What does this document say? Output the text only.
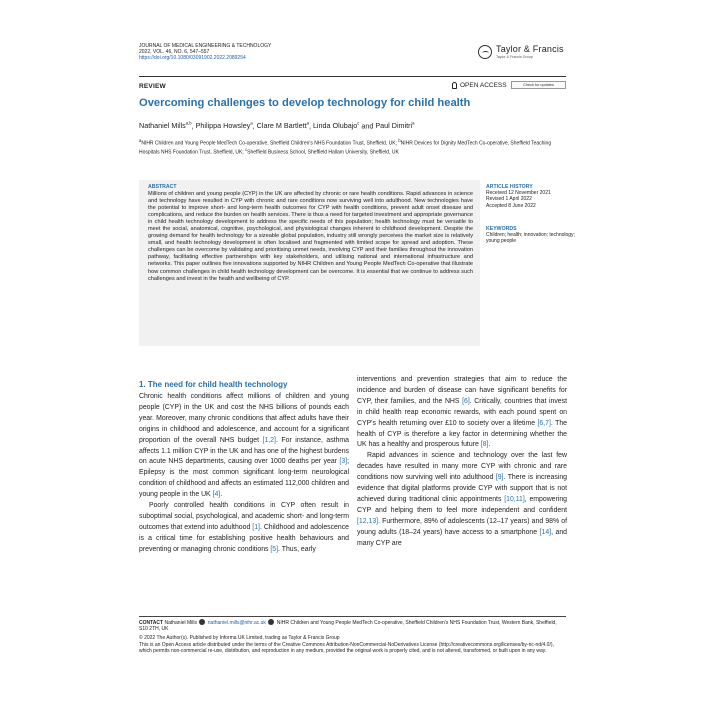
JOURNAL OF MEDICAL ENGINEERING & TECHNOLOGY
2022, VOL. 46, NO. 6, 547–557
https://doi.org/10.1080/03091902.2022.2089254
Taylor & Francis
Taylor & Francis Group
REVIEW	OPEN ACCESS	Check for updates
Overcoming challenges to develop technology for child health
Nathaniel Mills$^{a,b}$, Philippa Howsley$^a$, Clare M Bartlett$^a$, Linda Olubajo$^c$ and Paul Dimitri$^a$
$^a$NIHR Children and Young People MedTech Co-operative, Sheffield Children's NHS Foundation Trust, Sheffield, UK; $^b$NIHR Devices for Dignity MedTech Co-operative, Sheffield Teaching Hospitals NHS Foundation Trust, Sheffield, UK; $^c$Sheffield Business School, Sheffield Hallam University, Sheffield, UK
ABSTRACT
Millions of children and young people (CYP) in the UK are affected by chronic or rare health conditions. Rapid advances in science and technology have resulted in CYP with chronic and rare conditions now surviving well into adulthood. New technologies have the potential to improve short- and long-term health outcomes for CYP with health conditions, prevent adult onset disease and complications, and reduce the burden on health services. There is thus a need for targeted investment and appropriate governance in child health technology development to address the specific needs of this population; health technology must be versatile to meet the social, anatomical, cognitive, psychological, and physiological changes inherent to childhood development. Despite the growing demand for health technology for a sizeable global population, industry still wrongly perceives the market size is relatively small, and health technology development is often localised and fragmented with limited scope for spread and adoption. These challenges can be overcome by validating and prioritising unmet needs, involving CYP and their families throughout the innovation pathway, facilitating effective partnerships with key stakeholders, and utilising national and international infrastructure and networks. This paper outlines five innovations supported by NIHR Children and Young People MedTech Co-operative that illustrate how common challenges in child health technology development can be overcome. It is essential that we continue to address such challenges and invest in the health and wellbeing of CYP.
ARTICLE HISTORY
Received 12 November 2021
Revised 1 April 2022
Accepted 8 June 2022
KEYWORDS
Children; health; innovation; technology; young people
1. The need for child health technology

Chronic health conditions affect millions of children and young people (CYP) in the UK and cost the NHS billions of pounds each year. Moreover, many chronic conditions that affect adults have their origins in childhood and adolescence, and account for a significant proportion of the overall NHS budget [1,2]. For instance, asthma affects 1.1 million CYP in the UK and has one of the highest burdens on acute NHS departments, causing over 1000 deaths per year [3]; Epilepsy is the most common significant long-term neurological condition of childhood and affects an estimated 112,000 children and young people in the UK [4].

Poorly controlled health conditions in CYP often result in suboptimal social, psychological, and academic short- and long-term outcomes that extend into adulthood [1]. Childhood and adolescence is a critical time for establishing positive health behaviours and preventing or managing chronic conditions [5]. Thus, early

interventions and prevention strategies that aim to reduce the incidence and burden of disease can have significant benefits for CYP, their families, and the NHS [6]. Critically, countries that invest in child health reap economic rewards, with each pound spent on CYP's health returning over £10 to society over a lifetime [6,7]. The health of CYP is therefore a key factor in determining whether the UK has a healthy and prosperous future [8].

Rapid advances in science and technology over the last few decades have resulted in many more CYP with chronic and rare conditions now surviving well into adulthood [9]. There is increasing evidence that digital platforms provide CYP with support that is not achieved during traditional clinic appointments [10,11], empowering CYP and helping them to feel more independent and confident [12,13]. Furthermore, 89% of adolescents (12–17 years) and 98% of young adults (18–24 years) have access to a smartphone [14], and many CYP are

CONTACT Nathaniel Mills nathaniel.mills@nihr.ac.uk NIHR Children and Young People MedTech Co-operative, Sheffield Children's NHS Foundation Trust, Western Bank, Sheffield, S10 2TH, UK
© 2022 The Author(s). Published by Informa UK Limited, trading as Taylor & Francis Group
This is an Open Access article distributed under the terms of the Creative Commons Attribution-NonCommercial-NoDerivatives License (http://creativecommons.org/licenses/by-nc-nd/4.0/), which permits non-commercial re-use, distribution, and reproduction in any medium, provided the original work is properly cited, and is not altered, transformed, or built upon in any way.
